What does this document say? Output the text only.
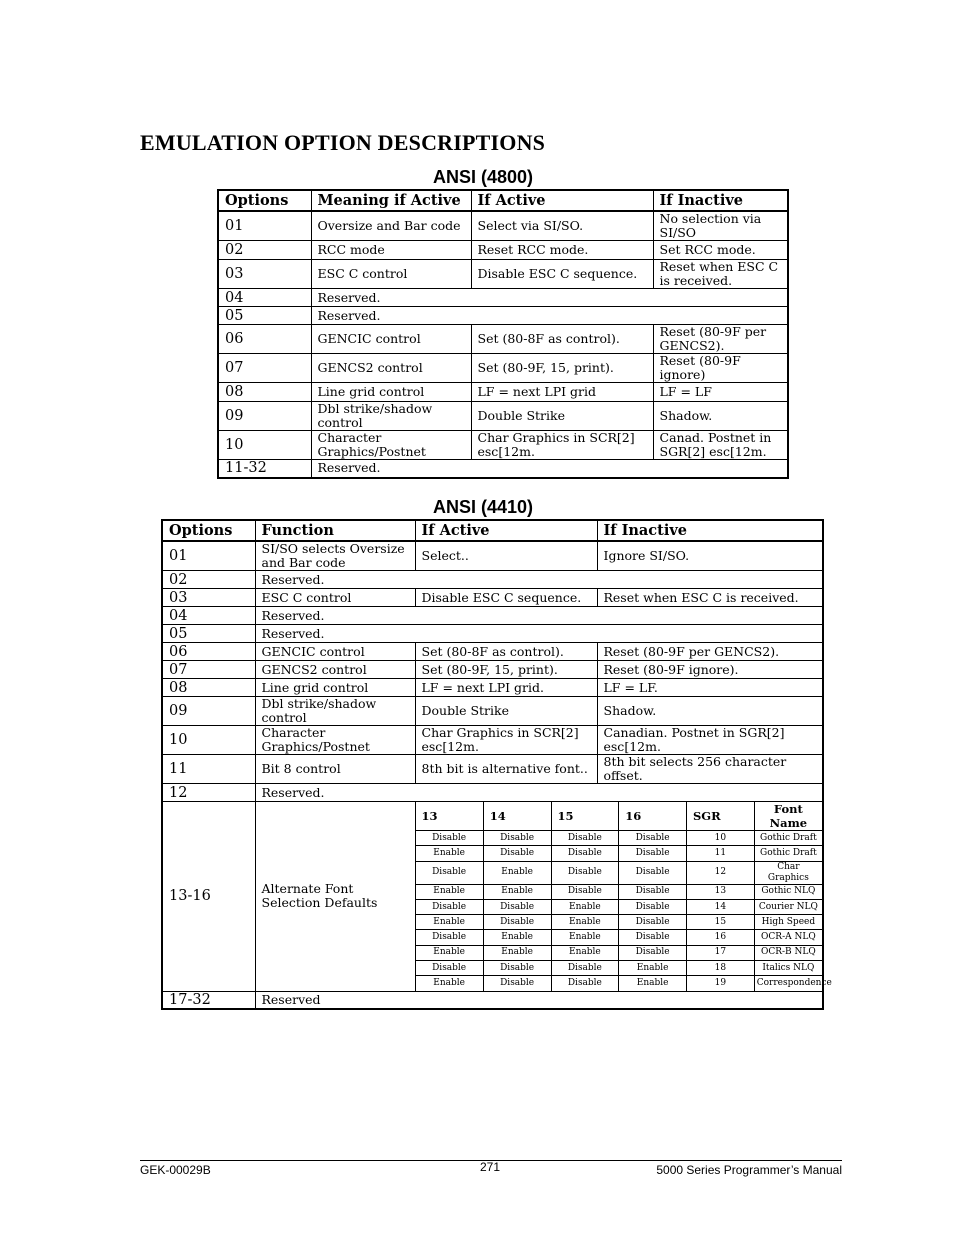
EMULATION OPTION DESCRIPTIONS
ANSI (4800)
Options	Meaning if Active	If Active	If Inactive
01	Oversize and Bar code	Select via SI/SO.	No selection via SI/SO
02	RCC mode	Reset RCC mode.	Set RCC mode.
03	ESC C control	Disable ESC C sequence.	Reset when ESC C is received.
04	Reserved.		
05	Reserved.		
06	GENCIC control	Set (80-8F as control).	Reset (80-9F per GENCS2).
07	GENCS2 control	Set (80-9F, 15, print).	Reset (80-9F ignore)
08	Line grid control	LF = next LPI grid	LF = LF
09	Dbl strike/shadow control	Double Strike	Shadow.
10	Character Graphics/Postnet	Char Graphics in SCR[2] esc[12m.	Canad. Postnet in SGR[2] esc[12m.
11-32	Reserved.		
ANSI (4410)
Options	Function	If Active	If Inactive
01	SI/SO selects Oversize and Bar code	Select..	Ignore SI/SO.
02	Reserved.
03	ESC C control	Disable ESC C sequence.	Reset when ESC C is received.
04	Reserved.
05	Reserved.
06	GENCIC control	Set (80-8F as control).	Reset (80-9F per GENCS2).
07	GENCS2 control	Set (80-9F, 15, print).	Reset (80-9F ignore).
08	Line grid control	LF = next LPI grid.	LF = LF.
09	Dbl strike/shadow control	Double Strike	Shadow.
10	Character Graphics/Postnet	Char Graphics in SCR[2] esc[12m.	Canadian. Postnet in SGR[2] esc[12m.
11	Bit 8 control	8th bit is alternative font..	8th bit selects 256 character offset.
12	Reserved.
13-16	Alternate Font Selection Defaults	
13	14	15	16	SGR	Font Name
Disable	Disable	Disable	Disable	10	Gothic Draft
Enable	Disable	Disable	Disable	11	Gothic Draft
Disable	Enable	Disable	Disable	12	Char Graphics
Enable	Enable	Disable	Disable	13	Gothic NLQ
Disable	Disable	Enable	Disable	14	Courier NLQ
Enable	Disable	Enable	Disable	15	High Speed
Disable	Enable	Enable	Disable	16	OCR-A NLQ
Enable	Enable	Enable	Disable	17	OCR-B NLQ
Disable	Disable	Disable	Enable	18	Italics NLQ
Enable	Disable	Disable	Enable	19	Correspondence

17-32	Reserved
GEK-00029B	271	5000 Series Programmer’s Manual
